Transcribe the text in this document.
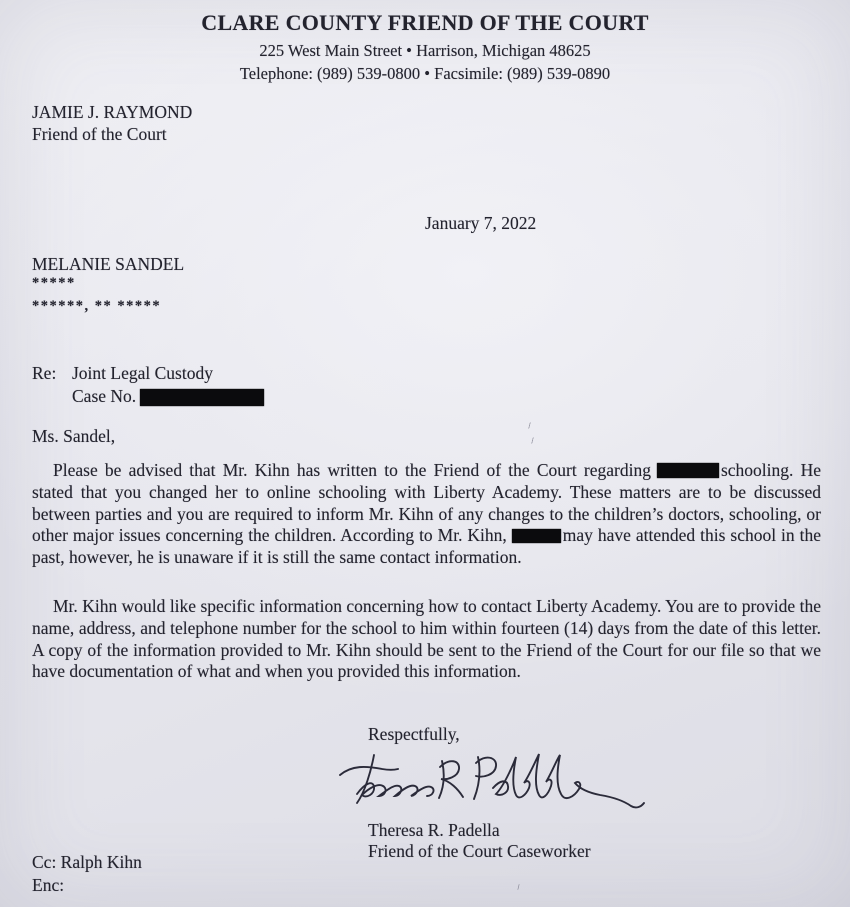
CLARE COUNTY FRIEND OF THE COURT
225 West Main Street • Harrison, Michigan 48625
Telephone: (989) 539-0800 • Facsimile: (989) 539-0890
JAMIE J. RAYMOND
Friend of the Court
January 7, 2022
MELANIE SANDEL
*****
******, ** *****
Re: Joint Legal Custody
Case No.
Ms. Sandel,
Please be advised that Mr. Kihn has written to the Friend of the Court regarding	schooling. He stated that you changed her to online schooling with Liberty Academy. These matters are to be discussed between parties and you are required to inform Mr. Kihn of any changes to the children’s doctors, schooling, or other major issues concerning the children. According to Mr. Kihn,	may have attended this school in the past, however, he is unaware if it is still the same contact information.
Mr. Kihn would like specific information concerning how to contact Liberty Academy. You are to provide the name, address, and telephone number for the school to him within fourteen (14) days from the date of this letter. A copy of the information provided to Mr. Kihn should be sent to the Friend of the Court for our file so that we have documentation of what and when you provided this information.
Respectfully,
Theresa R. Padella
Friend of the Court Caseworker
Cc: Ralph Kihn
Enc:
